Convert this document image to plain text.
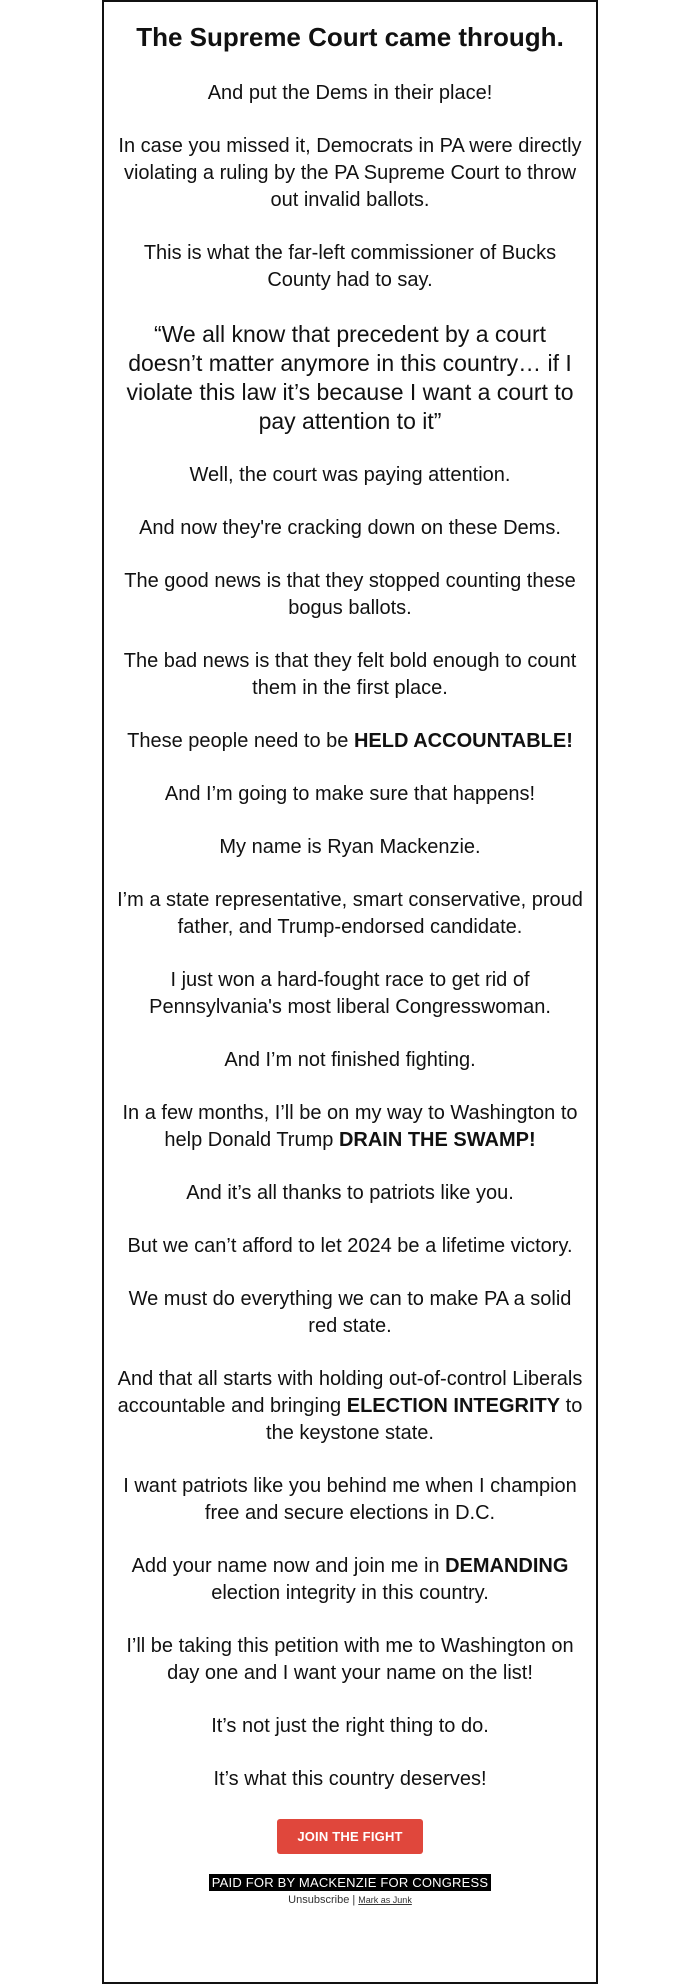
The Supreme Court came through.
And put the Dems in their place!
In case you missed it, Democrats in PA were directly violating a ruling by the PA Supreme Court to throw out invalid ballots.
This is what the far-left commissioner of Bucks County had to say.
“We all know that precedent by a court doesn’t matter anymore in this country… if I violate this law it’s because I want a court to pay attention to it”
Well, the court was paying attention.
And now they're cracking down on these Dems.
The good news is that they stopped counting these bogus ballots.
The bad news is that they felt bold enough to count them in the first place.
These people need to be HELD ACCOUNTABLE!
And I’m going to make sure that happens!
My name is Ryan Mackenzie.
I’m a state representative, smart conservative, proud father, and Trump-endorsed candidate.
I just won a hard-fought race to get rid of Pennsylvania's most liberal Congresswoman.
And I’m not finished fighting.
In a few months, I’ll be on my way to Washington to help Donald Trump DRAIN THE SWAMP!
And it’s all thanks to patriots like you.
But we can’t afford to let 2024 be a lifetime victory.
We must do everything we can to make PA a solid red state.
And that all starts with holding out-of-control Liberals accountable and bringing ELECTION INTEGRITY to the keystone state.
I want patriots like you behind me when I champion free and secure elections in D.C.
Add your name now and join me in DEMANDING election integrity in this country.
I’ll be taking this petition with me to Washington on day one and I want your name on the list!
It’s not just the right thing to do.
It’s what this country deserves!
JOIN THE FIGHT
PAID FOR BY MACKENZIE FOR CONGRESS
Unsubscribe | Mark as Junk
